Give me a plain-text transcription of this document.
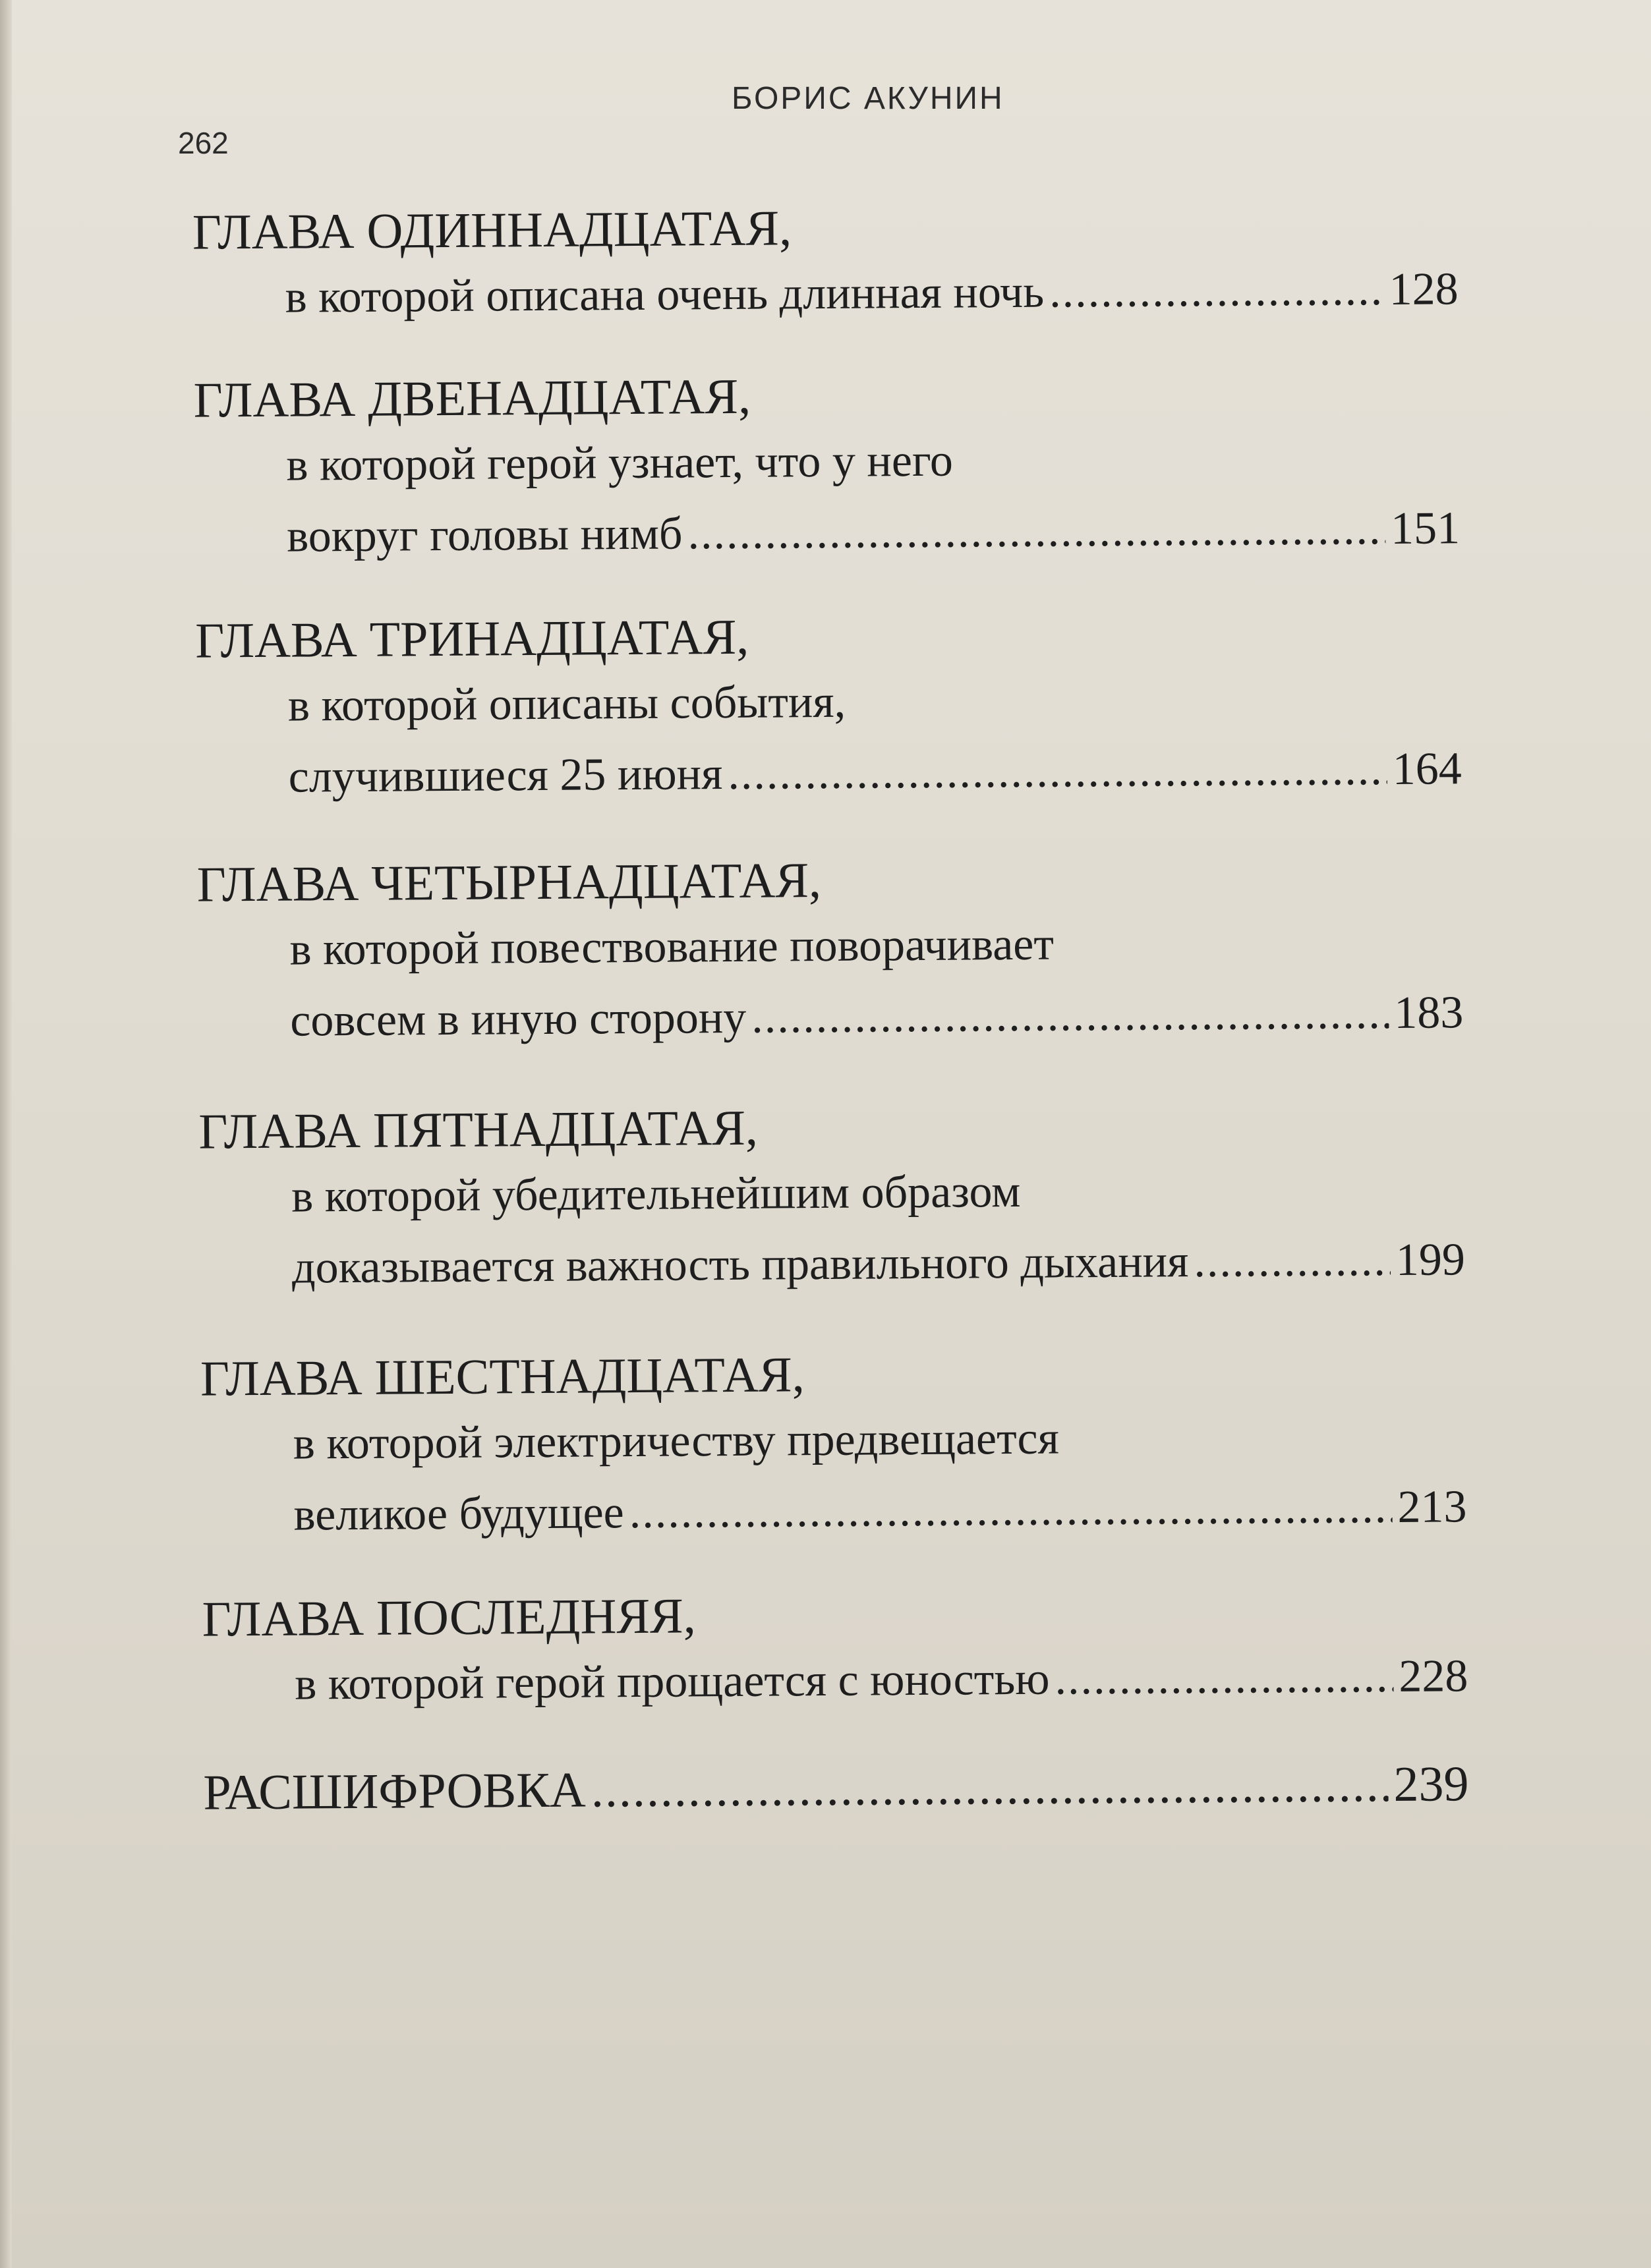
БОРИС АКУНИН
262
ГЛАВА ОДИННАДЦАТАЯ,
в которой описана очень длинная ночь .....	128
ГЛАВА ДВЕНАДЦАТАЯ,
в которой герой узнает, что у него
вокруг головы нимб .....	151
ГЛАВА ТРИНАДЦАТАЯ,
в которой описаны события,
случившиеся 25 июня .....	164
ГЛАВА ЧЕТЫРНАДЦАТАЯ,
в которой повествование поворачивает
совсем в иную сторону .....	183
ГЛАВА ПЯТНАДЦАТАЯ,
в которой убедительнейшим образом
доказывается важность правильного дыхания .....	199
ГЛАВА ШЕСТНАДЦАТАЯ,
в которой электричеству предвещается
великое будущее .....	213
ГЛАВА ПОСЛЕДНЯЯ,
в которой герой прощается с юностью .....	228
РАСШИФРОВКА .....	239
